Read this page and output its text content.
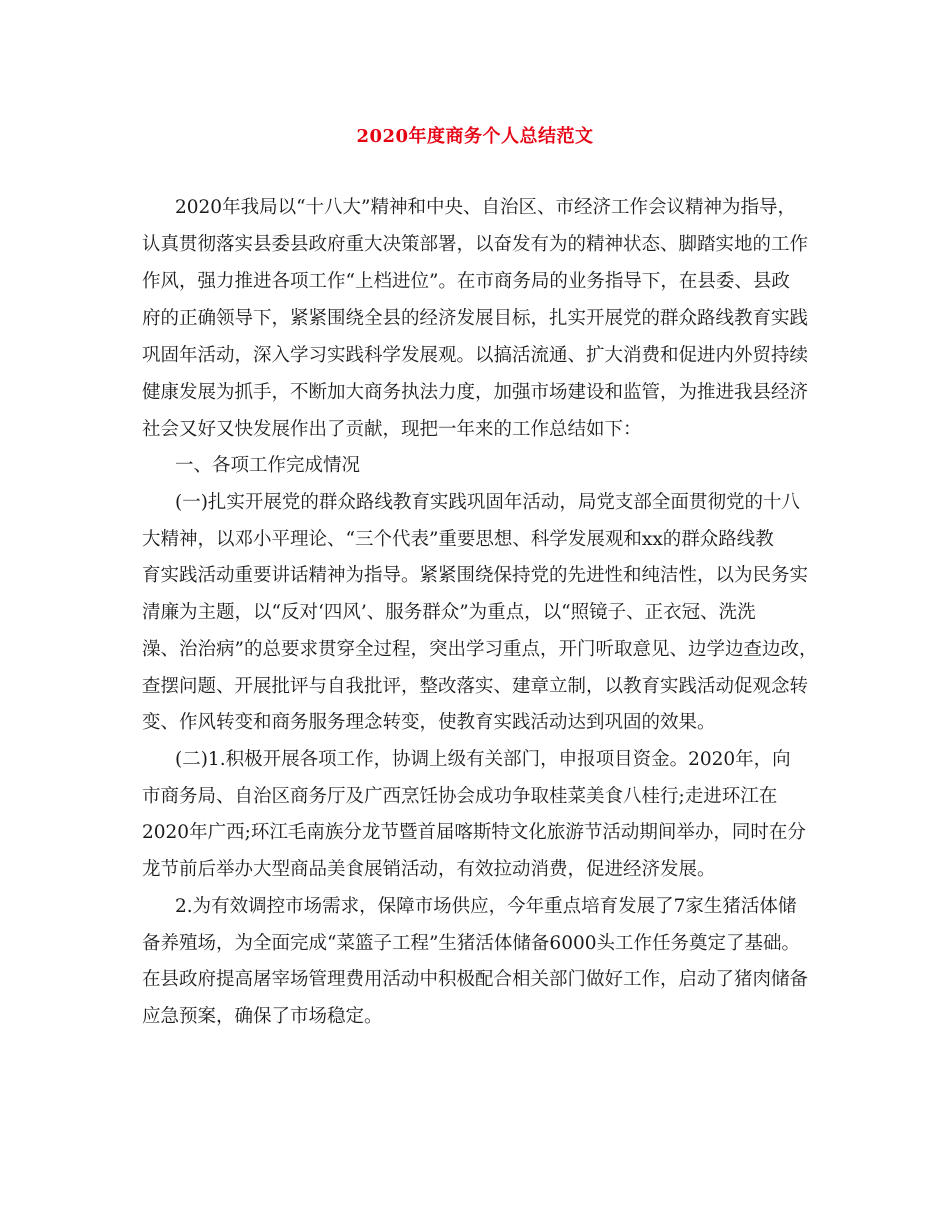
2020年度商务个人总结范文

2020年我局以“十八大”精神和中央、自治区、市经济工作会议精神为指导，

认真贯彻落实县委县政府重大决策部署，以奋发有为的精神状态、脚踏实地的工作

作风，强力推进各项工作“上档进位”。在市商务局的业务指导下，在县委、县政

府的正确领导下，紧紧围绕全县的经济发展目标，扎实开展党的群众路线教育实践

巩固年活动，深入学习实践科学发展观。以搞活流通、扩大消费和促进内外贸持续

健康发展为抓手，不断加大商务执法力度，加强市场建设和监管，为推进我县经济

社会又好又快发展作出了贡献，现把一年来的工作总结如下：

一、各项工作完成情况

(一)扎实开展党的群众路线教育实践巩固年活动，局党支部全面贯彻党的十八

大精神，以邓小平理论、“三个代表”重要思想、科学发展观和xx的群众路线教

育实践活动重要讲话精神为指导。紧紧围绕保持党的先进性和纯洁性，以为民务实

清廉为主题，以“反对‘四风’、服务群众”为重点，以“照镜子、正衣冠、洗洗

澡、治治病”的总要求贯穿全过程，突出学习重点，开门听取意见、边学边查边改，

查摆问题、开展批评与自我批评，整改落实、建章立制，以教育实践活动促观念转

变、作风转变和商务服务理念转变，使教育实践活动达到巩固的效果。

(二)1.积极开展各项工作，协调上级有关部门，申报项目资金。2020年，向

市商务局、自治区商务厅及广西烹饪协会成功争取桂菜美食八桂行;走进环江在

2020年广西;环江毛南族分龙节暨首届喀斯特文化旅游节活动期间举办，同时在分

龙节前后举办大型商品美食展销活动，有效拉动消费，促进经济发展。

2.为有效调控市场需求，保障市场供应，今年重点培育发展了7家生猪活体储

备养殖场，为全面完成“菜篮子工程”生猪活体储备6000头工作任务奠定了基础。

在县政府提高屠宰场管理费用活动中积极配合相关部门做好工作，启动了猪肉储备

应急预案，确保了市场稳定。
